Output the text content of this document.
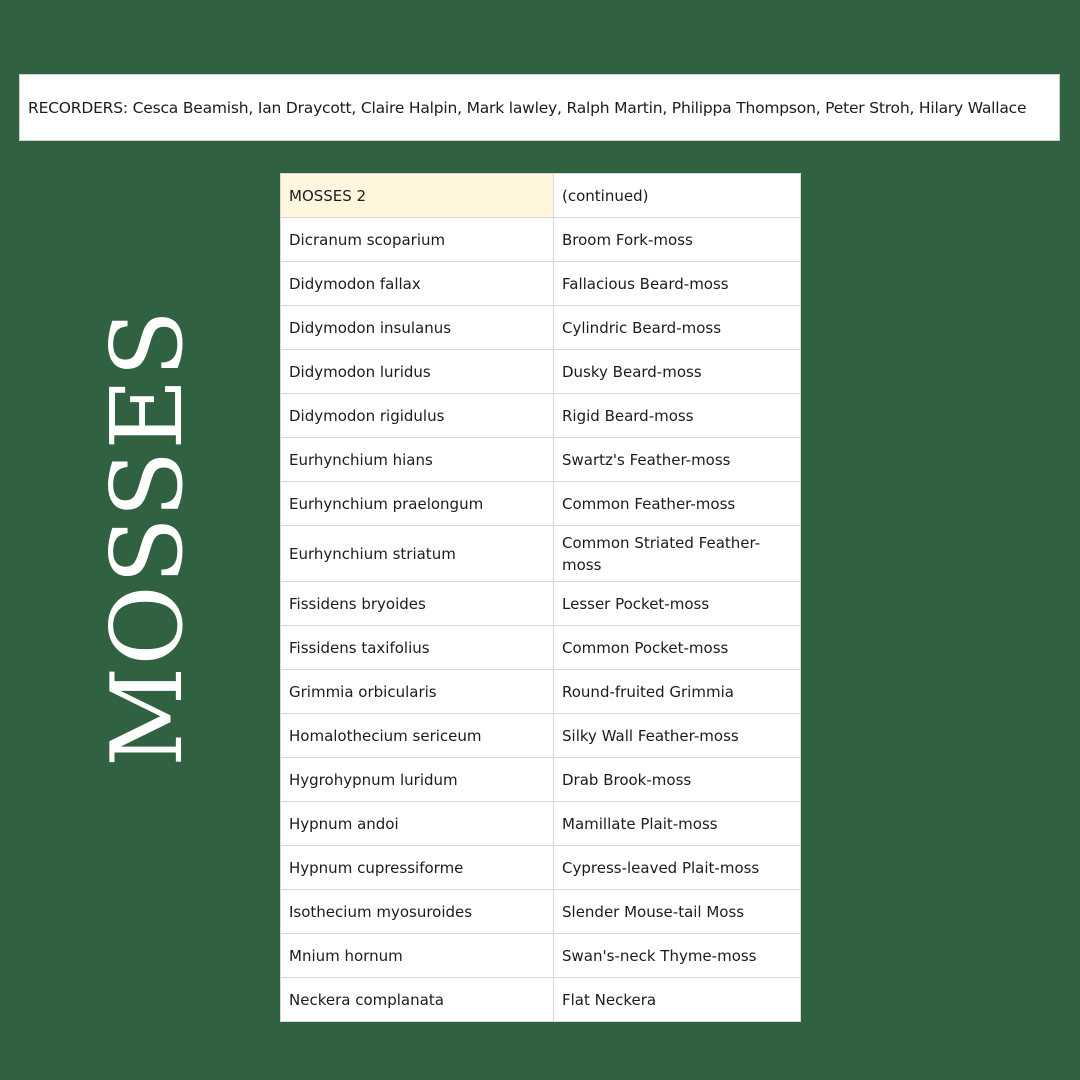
RECORDERS: Cesca Beamish, Ian Draycott, Claire Halpin, Mark lawley, Ralph Martin, Philippa Thompson, Peter Stroh, Hilary Wallace
MOSSES
MOSSES 2	(continued)
Dicranum scoparium	Broom Fork-moss
Didymodon fallax	Fallacious Beard-moss
Didymodon insulanus	Cylindric Beard-moss
Didymodon luridus	Dusky Beard-moss
Didymodon rigidulus	Rigid Beard-moss
Eurhynchium hians	Swartz's Feather-moss
Eurhynchium praelongum	Common Feather-moss
Eurhynchium striatum	Common Striated Feather-moss
Fissidens bryoides	Lesser Pocket-moss
Fissidens taxifolius	Common Pocket-moss
Grimmia orbicularis	Round-fruited Grimmia
Homalothecium sericeum	Silky Wall Feather-moss
Hygrohypnum luridum	Drab Brook-moss
Hypnum andoi	Mamillate Plait-moss
Hypnum cupressiforme	Cypress-leaved Plait-moss
Isothecium myosuroides	Slender Mouse-tail Moss
Mnium hornum	Swan's-neck Thyme-moss
Neckera complanata	Flat Neckera
